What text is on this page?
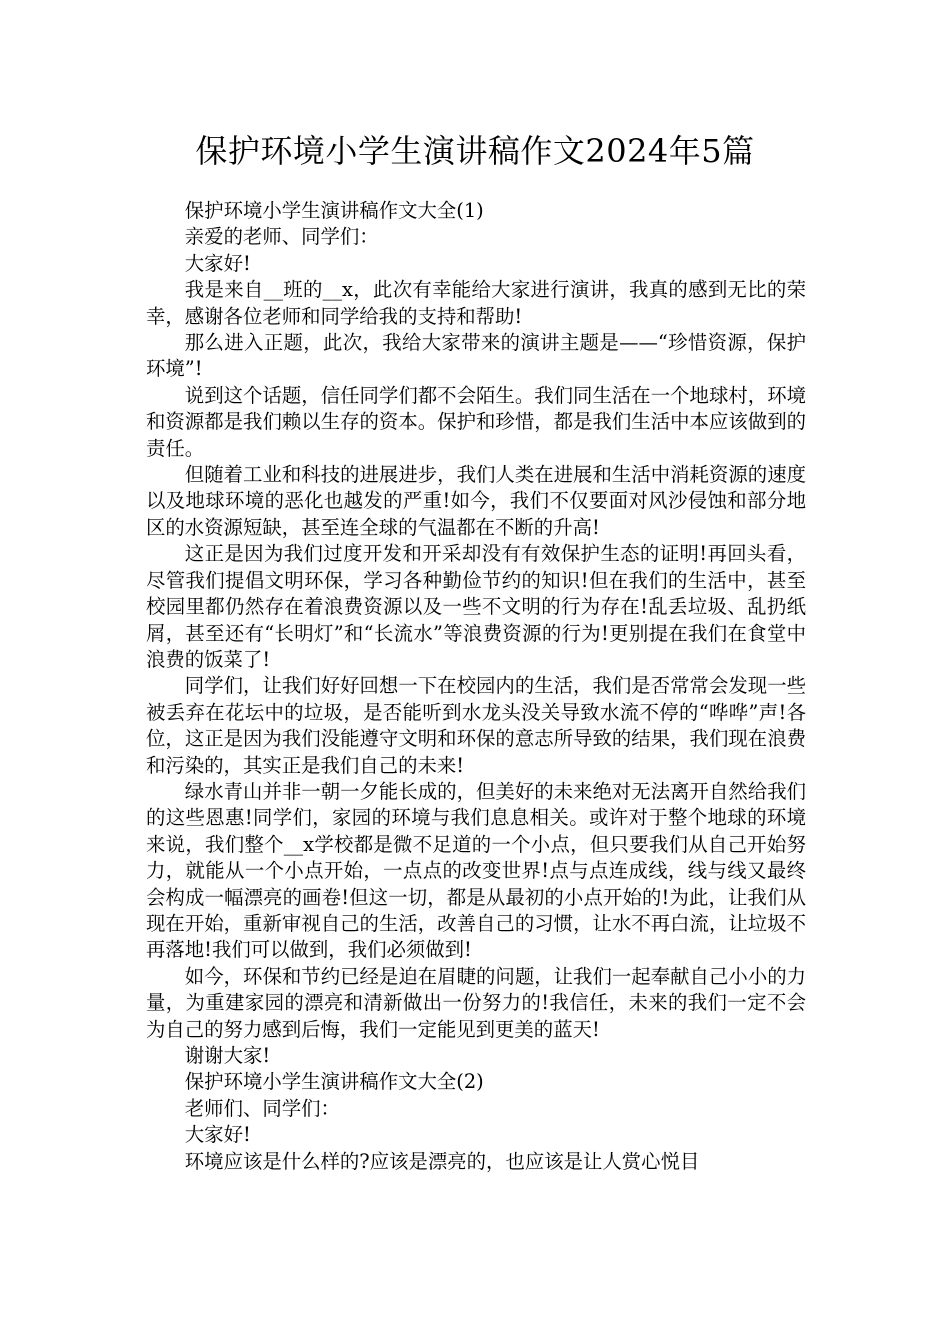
保护环境小学生演讲稿作文2024年5篇

保护环境小学生演讲稿作文大全(1)

亲爱的老师、同学们：

大家好!

我是来自__班的__x，此次有幸能给大家进行演讲，我真的感到无比的荣幸，感谢各位老师和同学给我的支持和帮助!

那么进入正题，此次，我给大家带来的演讲主题是——“珍惜资源，保护环境”!

说到这个话题，信任同学们都不会陌生。我们同生活在一个地球村，环境和资源都是我们赖以生存的资本。保护和珍惜，都是我们生活中本应该做到的责任。

但随着工业和科技的进展进步，我们人类在进展和生活中消耗资源的速度以及地球环境的恶化也越发的严重!如今，我们不仅要面对风沙侵蚀和部分地区的水资源短缺，甚至连全球的气温都在不断的升高!

这正是因为我们过度开发和开采却没有有效保护生态的证明!再回头看，尽管我们提倡文明环保，学习各种勤俭节约的知识!但在我们的生活中，甚至校园里都仍然存在着浪费资源以及一些不文明的行为存在!乱丢垃圾、乱扔纸屑，甚至还有“长明灯”和“长流水”等浪费资源的行为!更别提在我们在食堂中浪费的饭菜了!

同学们，让我们好好回想一下在校园内的生活，我们是否常常会发现一些被丢弃在花坛中的垃圾，是否能听到水龙头没关导致水流不停的“哗哗”声!各位，这正是因为我们没能遵守文明和环保的意志所导致的结果，我们现在浪费和污染的，其实正是我们自己的未来!

绿水青山并非一朝一夕能长成的，但美好的未来绝对无法离开自然给我们的这些恩惠!同学们，家园的环境与我们息息相关。或许对于整个地球的环境来说，我们整个__x学校都是微不足道的一个小点，但只要我们从自己开始努力，就能从一个小点开始，一点点的改变世界!点与点连成线，线与线又最终会构成一幅漂亮的画卷!但这一切，都是从最初的小点开始的!为此，让我们从现在开始，重新审视自己的生活，改善自己的习惯，让水不再白流，让垃圾不再落地!我们可以做到，我们必须做到!

如今，环保和节约已经是迫在眉睫的问题，让我们一起奉献自己小小的力量，为重建家园的漂亮和清新做出一份努力的!我信任，未来的我们一定不会为自己的努力感到后悔，我们一定能见到更美的蓝天!

谢谢大家!

保护环境小学生演讲稿作文大全(2)

老师们、同学们：

大家好!

环境应该是什么样的?应该是漂亮的，也应该是让人赏心悦目
